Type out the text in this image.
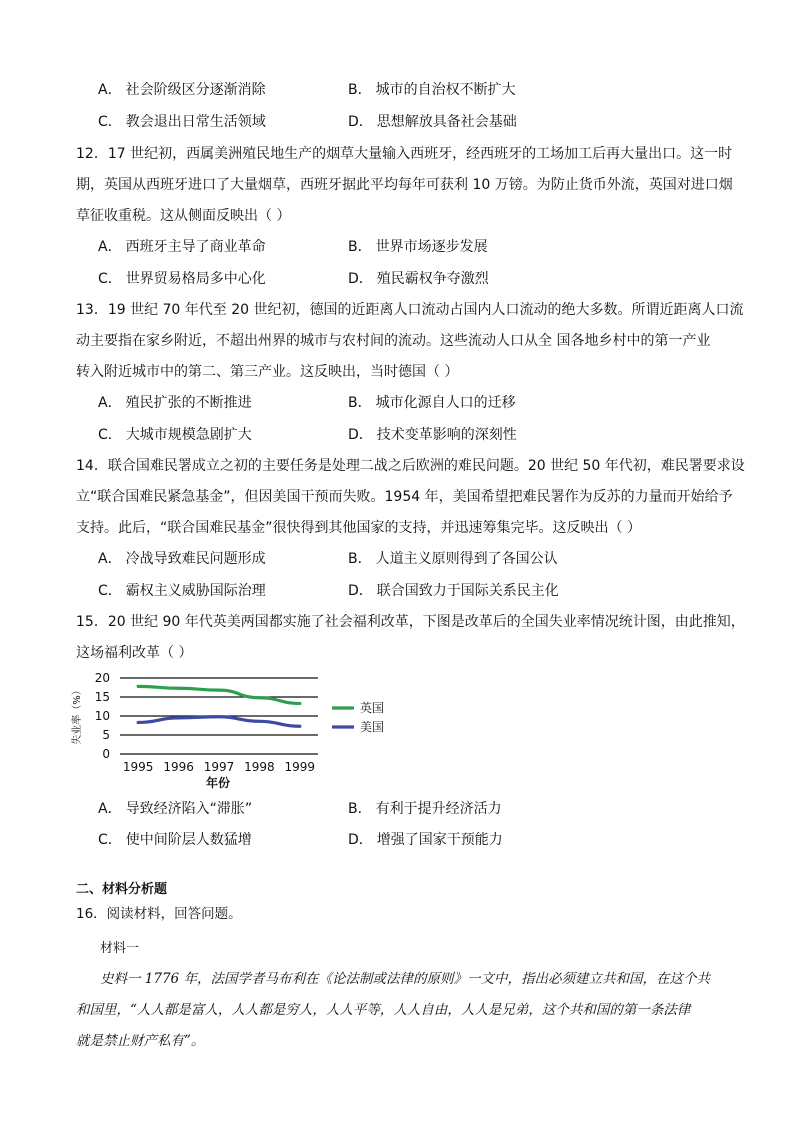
A． 社会阶级区分逐渐消除	B． 城市的自治权不断扩大
C． 教会退出日常生活领域	D． 思想解放具备社会基础
12．17 世纪初，西属美洲殖民地生产的烟草大量输入西班牙，经西班牙的工场加工后再大量出口。这一时
期，英国从西班牙进口了大量烟草，西班牙据此平均每年可获利 10 万镑。为防止货币外流，英国对进口烟
草征收重税。这从侧面反映出（ ）
A． 西班牙主导了商业革命	B． 世界市场逐步发展
C． 世界贸易格局多中心化	D． 殖民霸权争夺激烈
13．19 世纪 70 年代至 20 世纪初，德国的近距离人口流动占国内人口流动的绝大多数。所谓近距离人口流
动主要指在家乡附近，不超出州界的城市与农村间的流动。这些流动人口从全 国各地乡村中的第一产业
转入附近城市中的第二、第三产业。这反映出，当时德国（ ）
A． 殖民扩张的不断推进	B． 城市化源自人口的迁移
C． 大城市规模急剧扩大	D． 技术变革影响的深刻性
14．联合国难民署成立之初的主要任务是处理二战之后欧洲的难民问题。20 世纪 50 年代初，难民署要求设
立“联合国难民紧急基金”，但因美国干预而失败。1954 年，美国希望把难民署作为反苏的力量而开始给予
支持。此后，“联合国难民基金”很快得到其他国家的支持，并迅速筹集完毕。这反映出（ ）
A． 冷战导致难民问题形成	B． 人道主义原则得到了各国公认
C． 霸权主义威胁国际治理	D． 联合国致力于国际关系民主化
15．20 世纪 90 年代英美两国都实施了社会福利改革，下图是改革后的全国失业率情况统计图，由此推知，
这场福利改革（ ）
0
5
10
15
20
1995 1996 1997 1998 1999
英国
美国
失业率（%）
年份
A． 导致经济陷入“滞胀”	B． 有利于提升经济活力
C． 使中间阶层人数猛增	D． 增强了国家干预能力
二、材料分析题
16．阅读材料，回答问题。
材料一
史料一 1776 年，法国学者马布利在《论法制或法律的原则》一文中，指出必须建立共和国，在这个共
和国里，“人人都是富人，人人都是穷人，人人平等，人人自由，人人是兄弟，这个共和国的第一条法律
就是禁止财产私有”。
